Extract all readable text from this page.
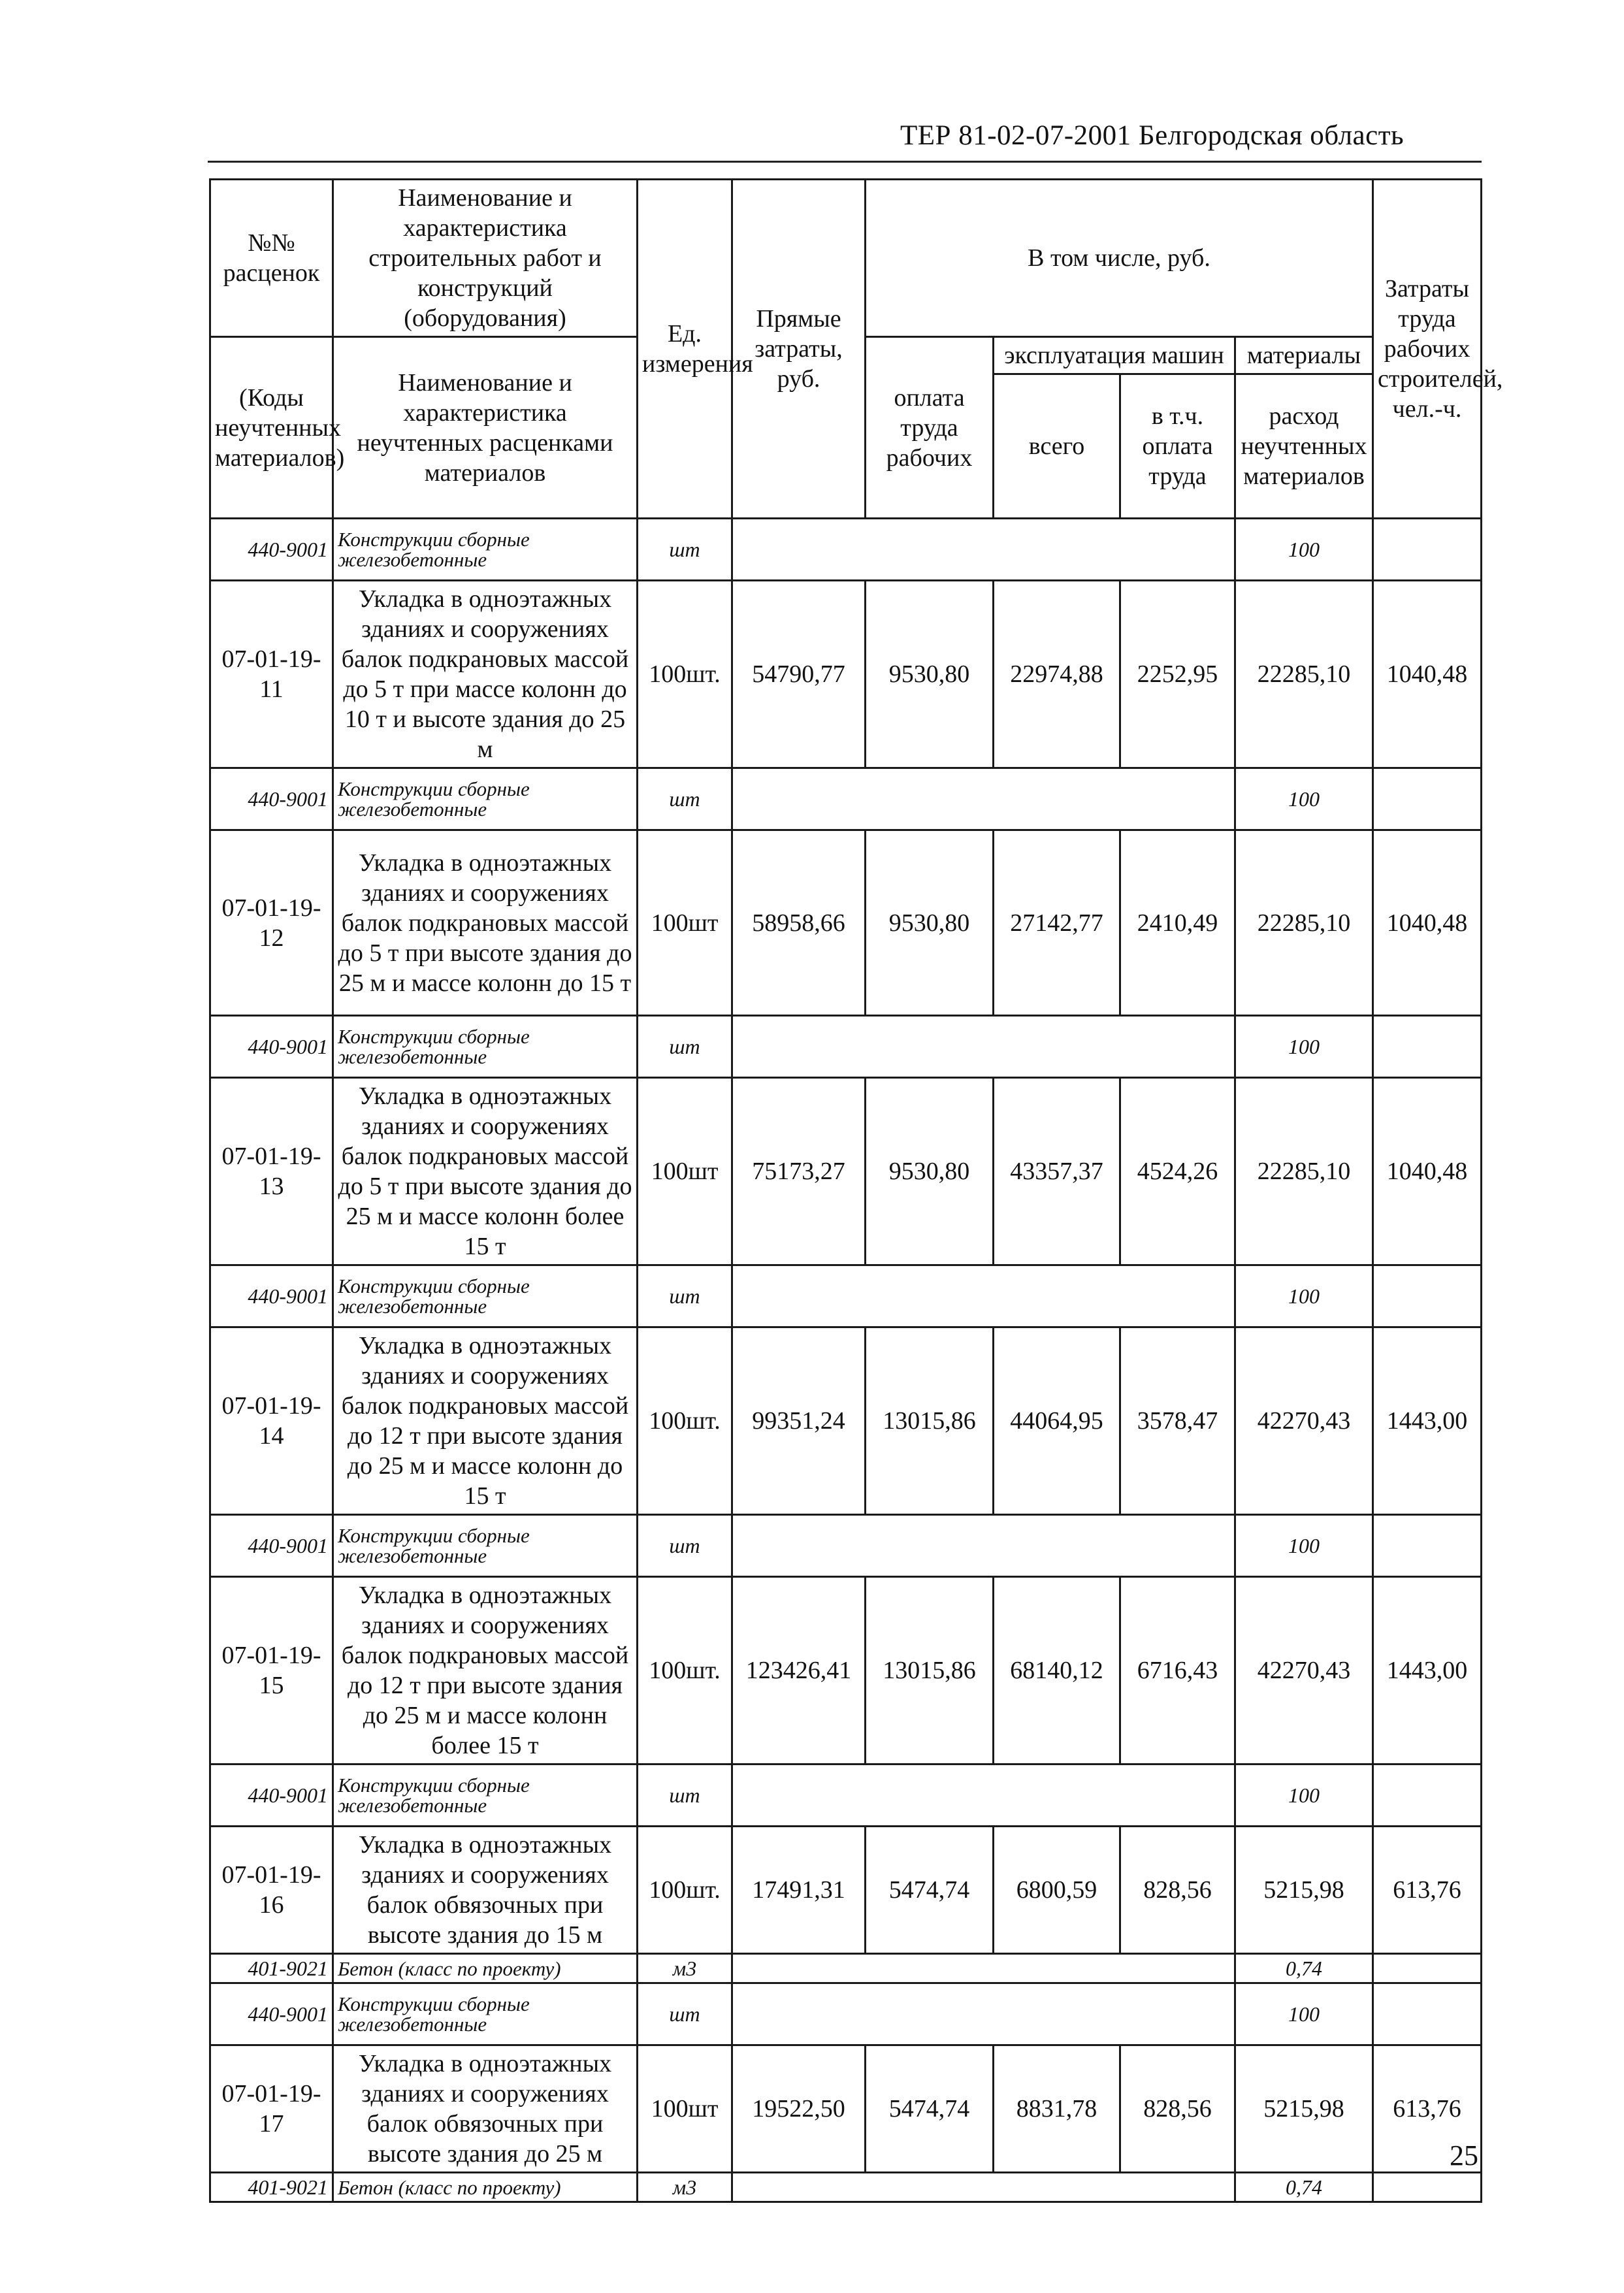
ТЕР 81-02-07-2001 Белгородская область
№№ расценок	Наименование и характеристика строительных работ и конструкций (оборудования)	Ед. измерения	Прямые затраты, руб.	В том числе, руб.				Затраты труда рабочих строителей, чел.-ч.
(Коды неучтенных материалов)	Наименование и характеристика неучтенных расценками материалов			оплата труда рабочих	эксплуатация машин		материалы	
					всего	в т.ч. оплата труда	расход неучтенных материалов	
440-9001	Конструкции сборные железобетонные	шт					100	
07-01-19-11	Укладка в одноэтажных зданиях и сооружениях балок подкрановых массой до 5 т при массе колонн до 10 т и высоте здания до 25 м	100шт.	54790,77	9530,80	22974,88	2252,95	22285,10	1040,48
440-9001	Конструкции сборные железобетонные	шт					100	
07-01-19-12	Укладка в одноэтажных зданиях и сооружениях балок подкрановых массой до 5 т при высоте здания до 25 м и массе колонн до 15 т	100шт	58958,66	9530,80	27142,77	2410,49	22285,10	1040,48
440-9001	Конструкции сборные железобетонные	шт					100	
07-01-19-13	Укладка в одноэтажных зданиях и сооружениях балок подкрановых массой до 5 т при высоте здания до 25 м и массе колонн более 15 т	100шт	75173,27	9530,80	43357,37	4524,26	22285,10	1040,48
440-9001	Конструкции сборные железобетонные	шт					100	
07-01-19-14	Укладка в одноэтажных зданиях и сооружениях балок подкрановых массой до 12 т при высоте здания до 25 м и массе колонн до 15 т	100шт.	99351,24	13015,86	44064,95	3578,47	42270,43	1443,00
440-9001	Конструкции сборные железобетонные	шт					100	
07-01-19-15	Укладка в одноэтажных зданиях и сооружениях балок подкрановых массой до 12 т при высоте здания до 25 м и массе колонн более 15 т	100шт.	123426,41	13015,86	68140,12	6716,43	42270,43	1443,00
440-9001	Конструкции сборные железобетонные	шт					100	
07-01-19-16	Укладка в одноэтажных зданиях и сооружениях балок обвязочных при высоте здания до 15 м	100шт.	17491,31	5474,74	6800,59	828,56	5215,98	613,76
401-9021	Бетон (класс по проекту)	м3					0,74	
440-9001	Конструкции сборные железобетонные	шт					100	
07-01-19-17	Укладка в одноэтажных зданиях и сооружениях балок обвязочных при высоте здания до 25 м	100шт	19522,50	5474,74	8831,78	828,56	5215,98	613,76
401-9021	Бетон (класс по проекту)	м3					0,74	
25
